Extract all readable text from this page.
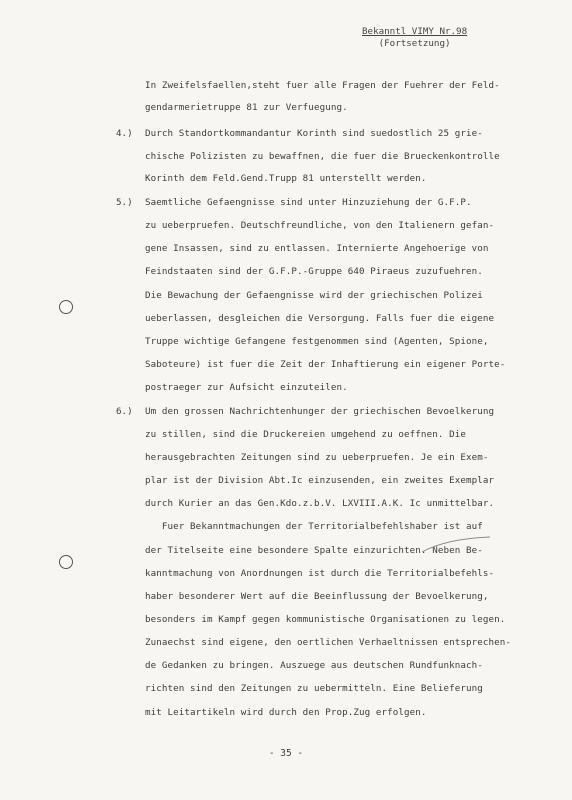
Bekanntl VIMY Nr.98
(Fortsetzung)
In Zweifelsfaellen,steht fuer alle Fragen der Fuehrer der Feld-
gendarmerietruppe 81 zur Verfuegung.
4.) Durch Standortkommandantur Korinth sind suedostlich 25 grie-
chische Polizisten zu bewaffnen, die fuer die Brueckenkontrolle
Korinth dem Feld.Gend.Trupp 81 unterstellt werden.
5.) Saemtliche Gefaengnisse sind unter Hinzuziehung der G.F.P.
zu ueberpruefen. Deutschfreundliche, von den Italienern gefan-
gene Insassen, sind zu entlassen. Internierte Angehoerige von
Feindstaaten sind der G.F.P.-Gruppe 640 Piraeus zuzufuehren.
Die Bewachung der Gefaengnisse wird der griechischen Polizei
ueberlassen, desgleichen die Versorgung. Falls fuer die eigene
Truppe wichtige Gefangene festgenommen sind (Agenten, Spione,
Saboteure) ist fuer die Zeit der Inhaftierung ein eigener Porte-
postraeger zur Aufsicht einzuteilen.
6.) Um den grossen Nachrichtenhunger der griechischen Bevoelkerung
zu stillen, sind die Druckereien umgehend zu oeffnen. Die
herausgebrachten Zeitungen sind zu ueberpruefen. Je ein Exem-
plar ist der Division Abt.Ic einzusenden, ein zweites Exemplar
durch Kurier an das Gen.Kdo.z.b.V. LXVIII.A.K. Ic unmittelbar.
Fuer Bekanntmachungen der Territorialbefehlshaber ist auf
der Titelseite eine besondere Spalte einzurichten. Neben Be-
kanntmachung von Anordnungen ist durch die Territorialbefehls-
haber besonderer Wert auf die Beeinflussung der Bevoelkerung,
besonders im Kampf gegen kommunistische Organisationen zu legen.
Zunaechst sind eigene, den oertlichen Verhaeltnissen entsprechen-
de Gedanken zu bringen. Auszuege aus deutschen Rundfunknach-
richten sind den Zeitungen zu uebermitteln. Eine Belieferung
mit Leitartikeln wird durch den Prop.Zug erfolgen.
- 35 -
